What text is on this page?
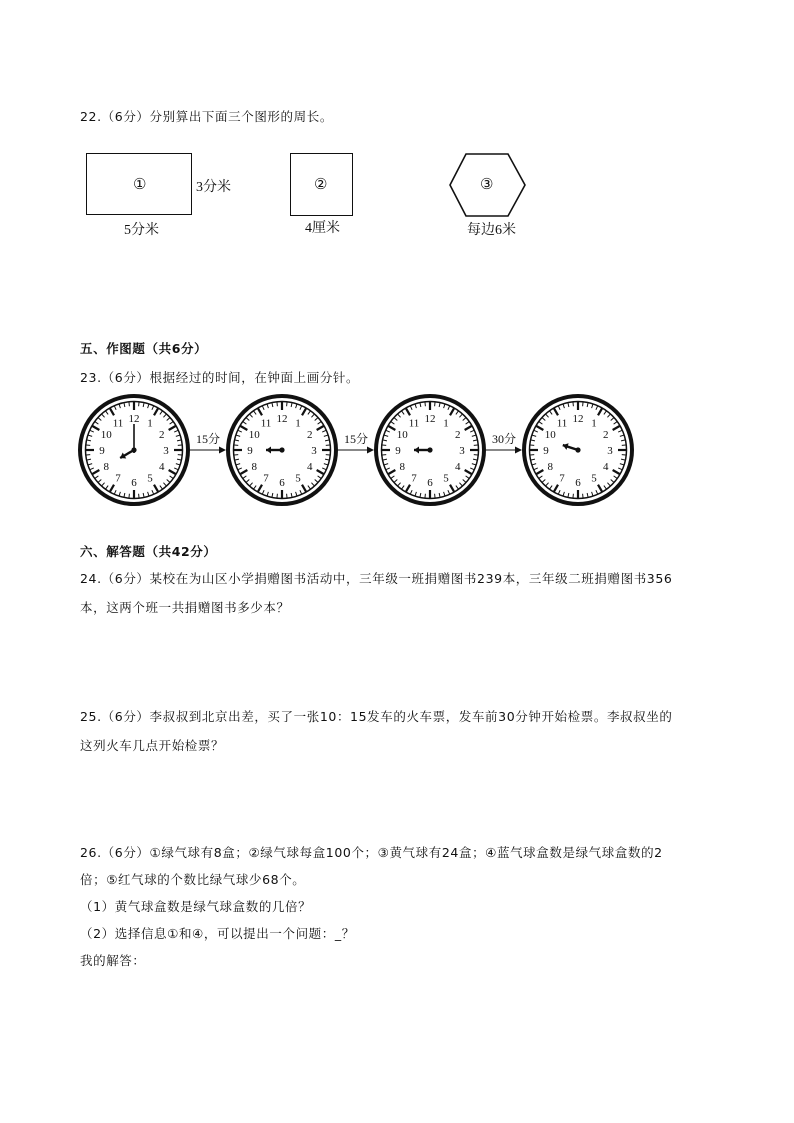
22.（6分）分别算出下面三个图形的周长。
①	3分米
5分米
②
4厘米
③
每边6米
五、作图题（共6分）
23.（6分）根据经过的时间，在钟面上画分针。
12 1
2
3
4
5
6
7
8
9
10
11	12 1
2
3
4
5
6
7
8
9
10
11	12 1
2
3
4
5
6
7
8
9
10
11	12 1
2
3
4
5
6
7
8
9
10
11
15分	15分	30分
六、解答题（共42分）
24.（6分）某校在为山区小学捐赠图书活动中，三年级一班捐赠图书239本，三年级二班捐赠图书356
本，这两个班一共捐赠图书多少本？
25.（6分）李叔叔到北京出差，买了一张10：15发车的火车票，发车前30分钟开始检票。李叔叔坐的
这列火车几点开始检票？
26.（6分）①绿气球有8盒；②绿气球每盒100个；③黄气球有24盒；④蓝气球盒数是绿气球盒数的2
倍；⑤红气球的个数比绿气球少68个。
（1）黄气球盒数是绿气球盒数的几倍？
（2）选择信息①和④，可以提出一个问题：_？
我的解答：
